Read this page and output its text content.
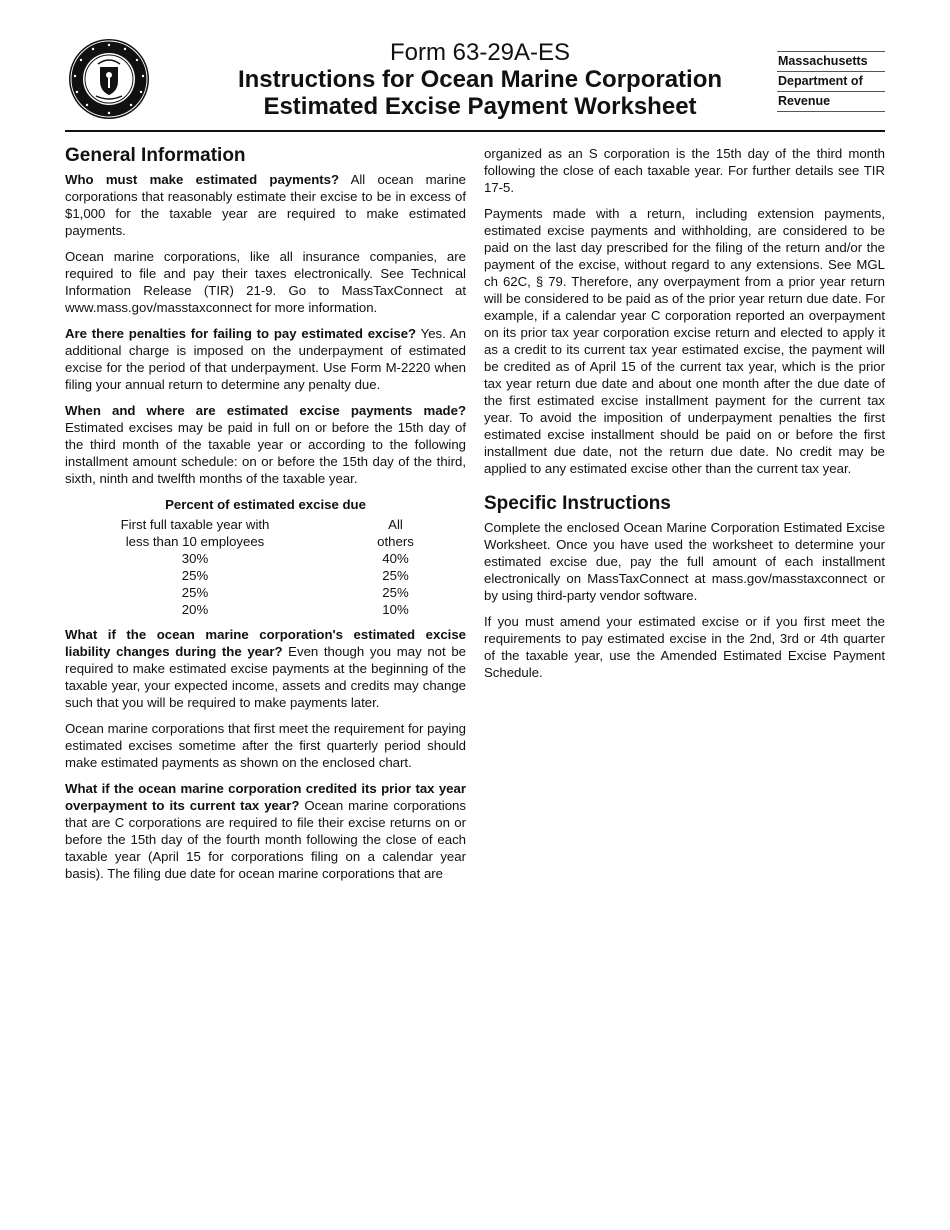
Form 63-29A-ES
Instructions for Ocean Marine Corporation
Estimated Excise Payment Worksheet
Massachusetts
Department of
Revenue
General Information

Who must make estimated payments? All ocean marine corporations that reasonably estimate their excise to be in excess of $1,000 for the taxable year are required to make estimated payments.

Ocean marine corporations, like all insurance companies, are required to file and pay their taxes electronically. See Technical Information Release (TIR) 21-9. Go to MassTaxConnect at www.mass.gov/masstaxconnect for more information.

Are there penalties for failing to pay estimated excise? Yes. An additional charge is imposed on the underpayment of estimated excise for the period of that underpayment. Use Form M-2220 when filing your annual return to determine any penalty due.

When and where are estimated excise payments made? Estimated excises may be paid in full on or before the 15th day of the third month of the taxable year or according to the following installment amount schedule: on or before the 15th day of the third, sixth, ninth and twelfth months of the taxable year.

Percent of estimated excise due
First full taxable year with	All
less than 10 employees	others
30%	40%
25%	25%
25%	25%
20%	10%

What if the ocean marine corporation's estimated excise liability changes during the year? Even though you may not be required to make estimated excise payments at the beginning of the taxable year, your expected income, assets and credits may change such that you will be required to make payments later.

Ocean marine corporations that first meet the requirement for paying estimated excises sometime after the first quarterly period should make estimated payments as shown on the enclosed chart.

What if the ocean marine corporation credited its prior tax year overpayment to its current tax year? Ocean marine corporations that are C corporations are required to file their excise returns on or before the 15th day of the fourth month following the close of each taxable year (April 15 for corporations filing on a calendar year basis). The filing due date for ocean marine corporations that are

organized as an S corporation is the 15th day of the third month following the close of each taxable year. For further details see TIR 17-5.

Payments made with a return, including extension payments, estimated excise payments and withholding, are considered to be paid on the last day prescribed for the filing of the return and/or the payment of the excise, without regard to any extensions. See MGL ch 62C, § 79. Therefore, any overpayment from a prior year return will be considered to be paid as of the prior year return due date. For example, if a calendar year C corporation reported an overpayment on its prior tax year corporation excise return and elected to apply it as a credit to its current tax year estimated excise, the payment will be credited as of April 15 of the current tax year, which is the prior tax year return due date and about one month after the due date of the first estimated excise installment payment for the current tax year. To avoid the imposition of underpayment penalties the first estimated excise installment should be paid on or before the first installment due date, not the return due date. No credit may be applied to any estimated excise other than the current tax year.

Specific Instructions

Complete the enclosed Ocean Marine Corporation Estimated Excise Worksheet. Once you have used the worksheet to determine your estimated excise due, pay the full amount of each installment electronically on MassTaxConnect at mass.gov/masstaxconnect or by using third-party vendor software.

If you must amend your estimated excise or if you first meet the requirements to pay estimated excise in the 2nd, 3rd or 4th quarter of the taxable year, use the Amended Estimated Excise Payment Schedule.
